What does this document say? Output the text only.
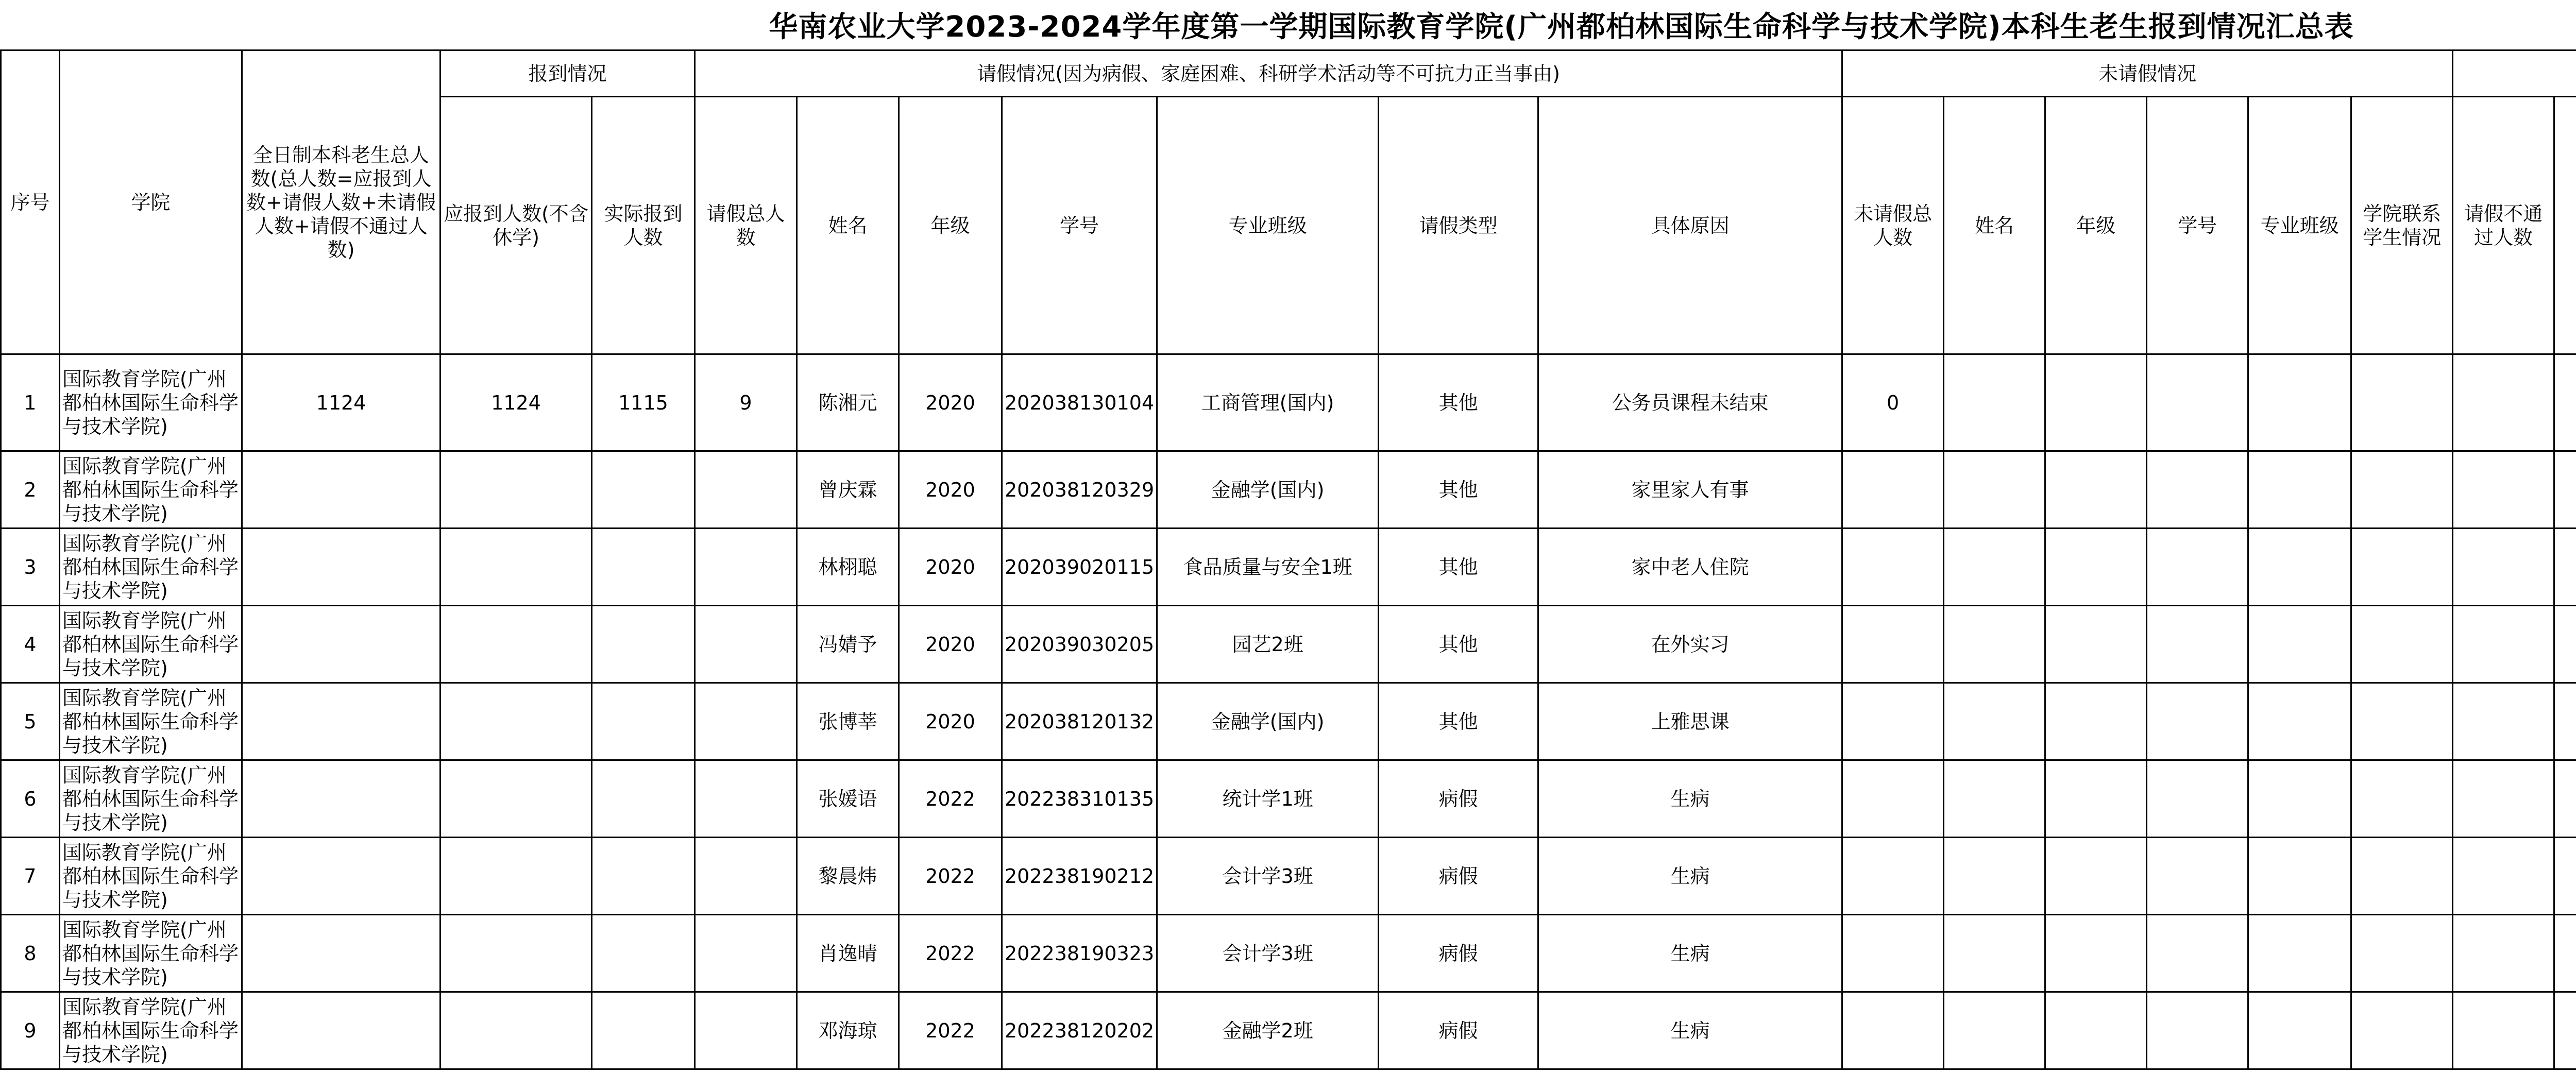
华南农业大学2023-2024学年度第一学期国际教育学院(广州都柏林国际生命科学与技术学院)本科生老生报到情况汇总表
序号	学院	全日制本科老生总人数(总人数=应报到人数+请假人数+未请假人数+请假不通过人数)	报到情况		请假情况(因为病假、家庭困难、科研学术活动等不可抗力正当事由)							未请假情况	
			应报到人数(不含休学)	实际报到人数	请假总人数	姓名	年级	学号	专业班级	请假类型	具体原因	未请假总人数	姓名	年级	学号	专业班级	学院联系学生情况	请假不通过人数					
1	国际教育学院(广州都柏林国际生命科学与技术学院)	1124	1124	1115	9	陈湘元	2020	202038130104	工商管理(国内)	其他	公务员课程未结束	0											
2	国际教育学院(广州都柏林国际生命科学与技术学院)					曾庆霖	2020	202038120329	金融学(国内)	其他	家里家人有事												
3	国际教育学院(广州都柏林国际生命科学与技术学院)					林栩聪	2020	202039020115	食品质量与安全1班	其他	家中老人住院												
4	国际教育学院(广州都柏林国际生命科学与技术学院)					冯婧予	2020	202039030205	园艺2班	其他	在外实习												
5	国际教育学院(广州都柏林国际生命科学与技术学院)					张博莘	2020	202038120132	金融学(国内)	其他	上雅思课												
6	国际教育学院(广州都柏林国际生命科学与技术学院)					张媛语	2022	202238310135	统计学1班	病假	生病												
7	国际教育学院(广州都柏林国际生命科学与技术学院)					黎晨炜	2022	202238190212	会计学3班	病假	生病												
8	国际教育学院(广州都柏林国际生命科学与技术学院)					肖逸晴	2022	202238190323	会计学3班	病假	生病												
9	国际教育学院(广州都柏林国际生命科学与技术学院)					邓海琼	2022	202238120202	金融学2班	病假	生病												
